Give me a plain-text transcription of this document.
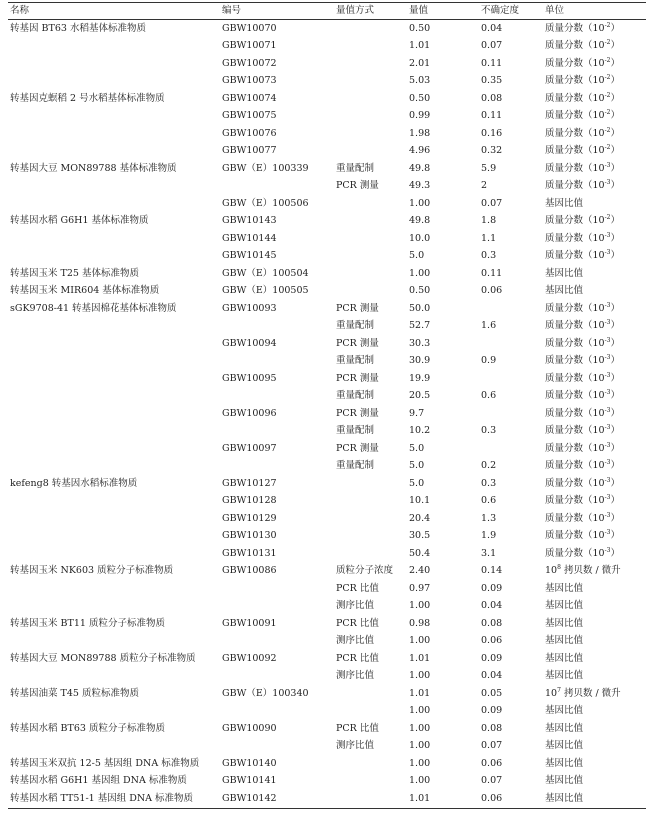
名称	编号	量值方式	量值	不确定度	单位
转基因 BT63 水稻基体标准物质	GBW10070		0.50	0.04	质量分数$(10^{-2})$
	GBW10071		1.01	0.07	质量分数$(10^{-2})$
	GBW10072		2.01	0.11	质量分数$(10^{-2})$
	GBW10073		5.03	0.35	质量分数$(10^{-2})$
转基因克螟稻 2 号水稻基体标准物质	GBW10074		0.50	0.08	质量分数$(10^{-2})$
	GBW10075		0.99	0.11	质量分数$(10^{-2})$
	GBW10076		1.98	0.16	质量分数$(10^{-2})$
	GBW10077		4.96	0.32	质量分数$(10^{-2})$
转基因大豆 MON89788 基体标准物质	GBW（E）100339	重量配制	49.8	5.9	质量分数$(10^{-3})$
		PCR 测量	49.3	2	质量分数$(10^{-3})$
	GBW（E）100506		1.00	0.07	基因比值
转基因水稻 G6H1 基体标准物质	GBW10143		49.8	1.8	质量分数$(10^{-2})$
	GBW10144		10.0	1.1	质量分数$(10^{-3})$
	GBW10145		5.0	0.3	质量分数$(10^{-3})$
转基因玉米 T25 基体标准物质	GBW（E）100504		1.00	0.11	基因比值
转基因玉米 MIR604 基体标准物质	GBW（E）100505		0.50	0.06	基因比值
sGK9708-41 转基因棉花基体标准物质	GBW10093	PCR 测量	50.0		质量分数$(10^{-3})$
		重量配制	52.7	1.6	质量分数$(10^{-3})$
	GBW10094	PCR 测量	30.3		质量分数$(10^{-3})$
		重量配制	30.9	0.9	质量分数$(10^{-3})$
	GBW10095	PCR 测量	19.9		质量分数$(10^{-3})$
		重量配制	20.5	0.6	质量分数$(10^{-3})$
	GBW10096	PCR 测量	9.7		质量分数$(10^{-3})$
		重量配制	10.2	0.3	质量分数$(10^{-3})$
	GBW10097	PCR 测量	5.0		质量分数$(10^{-3})$
		重量配制	5.0	0.2	质量分数$(10^{-3})$
kefeng8 转基因水稻标准物质	GBW10127		5.0	0.3	质量分数$(10^{-3})$
	GBW10128		10.1	0.6	质量分数$(10^{-3})$
	GBW10129		20.4	1.3	质量分数$(10^{-3})$
	GBW10130		30.5	1.9	质量分数$(10^{-3})$
	GBW10131		50.4	3.1	质量分数$(10^{-3})$
转基因玉米 NK603 质粒分子标准物质	GBW10086	质粒分子浓度	2.40	0.14	$10^8$ 拷贝数 / 微升
		PCR 比值	0.97	0.09	基因比值
		测序比值	1.00	0.04	基因比值
转基因玉米 BT11 质粒分子标准物质	GBW10091	PCR 比值	0.98	0.08	基因比值
		测序比值	1.00	0.06	基因比值
转基因大豆 MON89788 质粒分子标准物质	GBW10092	PCR 比值	1.01	0.09	基因比值
		测序比值	1.00	0.04	基因比值
转基因油菜 T45 质粒标准物质	GBW（E）100340		1.01	0.05	$10^7$ 拷贝数 / 微升
			1.00	0.09	基因比值
转基因水稻 BT63 质粒分子标准物质	GBW10090	PCR 比值	1.00	0.08	基因比值
		测序比值	1.00	0.07	基因比值
转基因玉米双抗 12-5 基因组 DNA 标准物质	GBW10140		1.00	0.06	基因比值
转基因水稻 G6H1 基因组 DNA 标准物质	GBW10141		1.00	0.07	基因比值
转基因水稻 TT51-1 基因组 DNA 标准物质	GBW10142		1.01	0.06	基因比值
